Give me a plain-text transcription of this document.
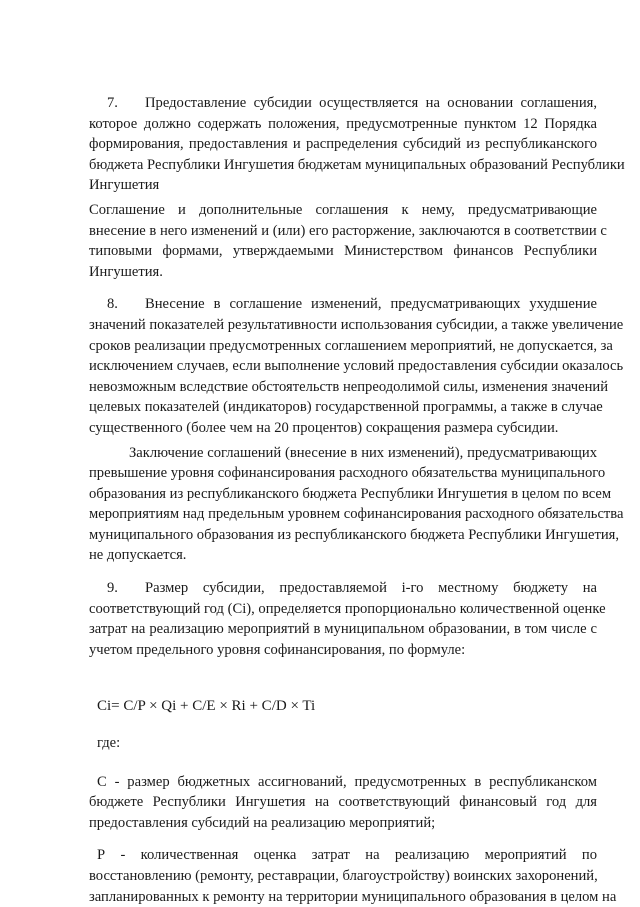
7. Предоставление субсидии осуществляется на основании соглашения,
которое должно содержать положения, предусмотренные пунктом 12 Порядка
формирования, предоставления и распределения субсидий из республиканского
бюджета Республики Ингушетия бюджетам муниципальных образований Республики
Ингушетия
Соглашение и дополнительные соглашения к нему, предусматривающие
внесение в него изменений и (или) его расторжение, заключаются в соответствии с
типовыми формами, утверждаемыми Министерством финансов Республики
Ингушетия.
8. Внесение в соглашение изменений, предусматривающих ухудшение
значений показателей результативности использования субсидии, а также увеличение
сроков реализации предусмотренных соглашением мероприятий, не допускается, за
исключением случаев, если выполнение условий предоставления субсидии оказалось
невозможным вследствие обстоятельств непреодолимой силы, изменения значений
целевых показателей (индикаторов) государственной программы, а также в случае
существенного (более чем на 20 процентов) сокращения размера субсидии.
Заключение соглашений (внесение в них изменений), предусматривающих
превышение уровня софинансирования расходного обязательства муниципального
образования из республиканского бюджета Республики Ингушетия в целом по всем
мероприятиям над предельным уровнем софинансирования расходного обязательства
муниципального образования из республиканского бюджета Республики Ингушетия,
не допускается.
9. Размер субсидии, предоставляемой i-го местному бюджету на
соответствующий год (Ci), определяется пропорционально количественной оценке
затрат на реализацию мероприятий в муниципальном образовании, в том числе с
учетом предельного уровня софинансирования, по формуле:

Ci= C/P × Qi + C/E × Ri + C/D × Ti

где:

С - размер бюджетных ассигнований, предусмотренных в республиканском
бюджете Республики Ингушетия на соответствующий финансовый год для
предоставления субсидий на реализацию мероприятий;
Р - количественная оценка затрат на реализацию мероприятий по
восстановлению (ремонту, реставрации, благоустройству) воинских захоронений,
запланированных к ремонту на территории муниципального образования в целом на
